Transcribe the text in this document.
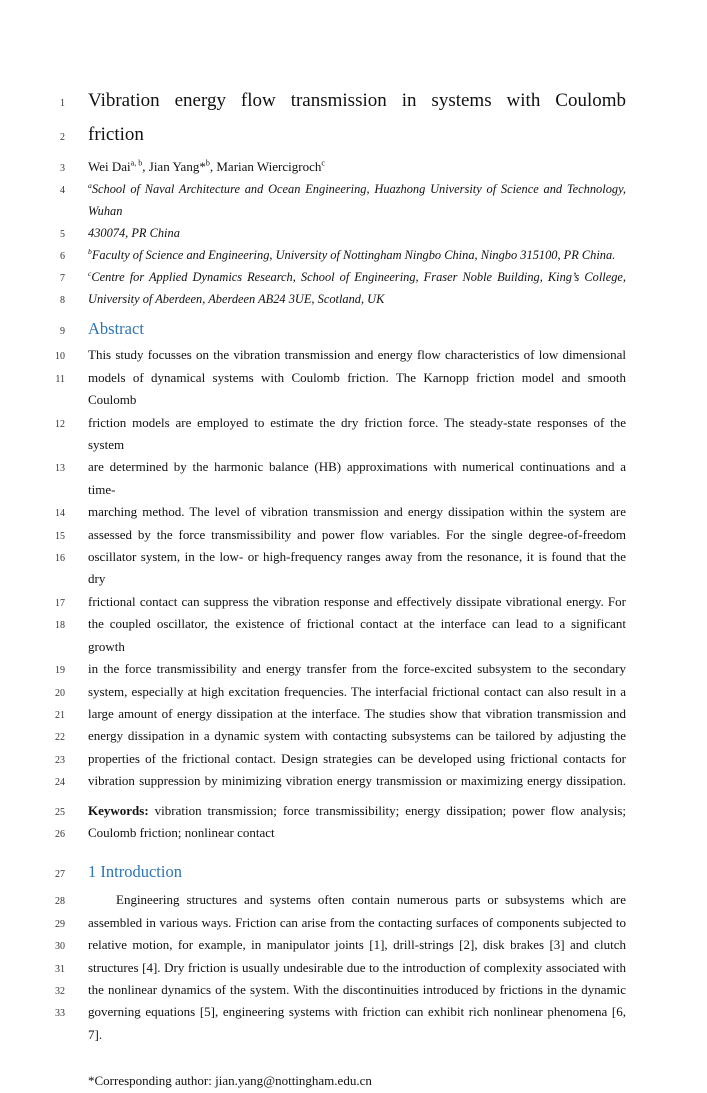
1	Vibration energy flow transmission in systems with Coulomb
2	friction
3	Wei Dai$^{a, b}$, Jian Yang*$^b$, Marian Wiercigroch$^c$
4	$^a$School of Naval Architecture and Ocean Engineering, Huazhong University of Science and Technology, Wuhan
5	430074, PR China
6	$^b$Faculty of Science and Engineering, University of Nottingham Ningbo China, Ningbo 315100, PR China.
7	$^c$Centre for Applied Dynamics Research, School of Engineering, Fraser Noble Building, King’s College,
8	University of Aberdeen, Aberdeen AB24 3UE, Scotland, UK
9	Abstract
10	This study focusses on the vibration transmission and energy flow characteristics of low dimensional
11	models of dynamical systems with Coulomb friction. The Karnopp friction model and smooth Coulomb
12	friction models are employed to estimate the dry friction force. The steady-state responses of the system
13	are determined by the harmonic balance (HB) approximations with numerical continuations and a time-
14	marching method. The level of vibration transmission and energy dissipation within the system are
15	assessed by the force transmissibility and power flow variables. For the single degree-of-freedom
16	oscillator system, in the low- or high-frequency ranges away from the resonance, it is found that the dry
17	frictional contact can suppress the vibration response and effectively dissipate vibrational energy. For
18	the coupled oscillator, the existence of frictional contact at the interface can lead to a significant growth
19	in the force transmissibility and energy transfer from the force-excited subsystem to the secondary
20	system, especially at high excitation frequencies. The interfacial frictional contact can also result in a
21	large amount of energy dissipation at the interface. The studies show that vibration transmission and
22	energy dissipation in a dynamic system with contacting subsystems can be tailored by adjusting the
23	properties of the frictional contact. Design strategies can be developed using frictional contacts for
24	vibration suppression by minimizing vibration energy transmission or maximizing energy dissipation.
25	Keywords: vibration transmission; force transmissibility; energy dissipation; power flow analysis;
26	Coulomb friction; nonlinear contact
27	1 Introduction
28	Engineering structures and systems often contain numerous parts or subsystems which are
29	assembled in various ways. Friction can arise from the contacting surfaces of components subjected to
30	relative motion, for example, in manipulator joints [1], drill-strings [2], disk brakes [3] and clutch
31	structures [4]. Dry friction is usually undesirable due to the introduction of complexity associated with
32	the nonlinear dynamics of the system. With the discontinuities introduced by frictions in the dynamic
33	governing equations [5], engineering systems with friction can exhibit rich nonlinear phenomena [6, 7].
*Corresponding author: jian.yang@nottingham.edu.cn
